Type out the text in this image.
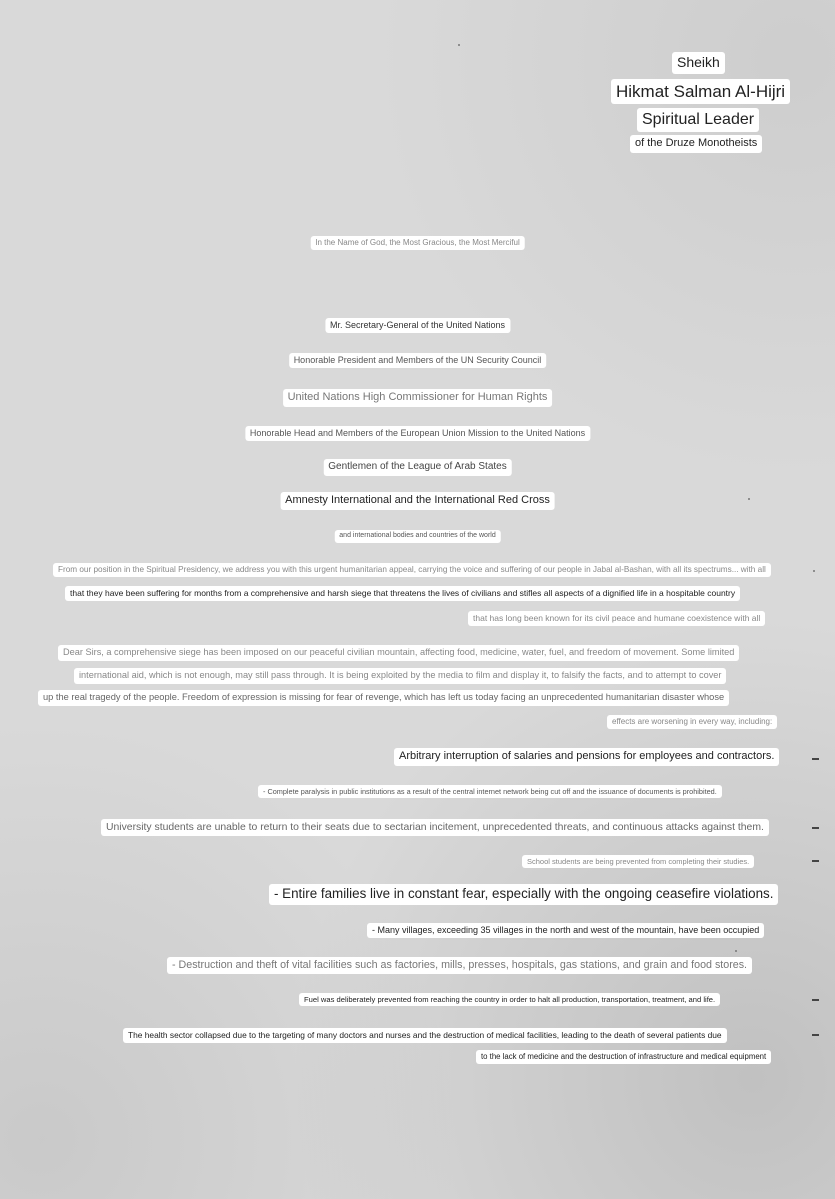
Sheikh
Hikmat Salman Al-Hijri
Spiritual Leader
of the Druze Monotheists
In the Name of God, the Most Gracious, the Most Merciful
Mr. Secretary-General of the United Nations
Honorable President and Members of the UN Security Council
United Nations High Commissioner for Human Rights
Honorable Head and Members of the European Union Mission to the United Nations
Gentlemen of the League of Arab States
Amnesty International and the International Red Cross
and international bodies and countries of the world
From our position in the Spiritual Presidency, we address you with this urgent humanitarian appeal, carrying the voice and suffering of our people in Jabal al-Bashan, with all its spectrums... with all
that they have been suffering for months from a comprehensive and harsh siege that threatens the lives of civilians and stifles all aspects of a dignified life in a hospitable country
that has long been known for its civil peace and humane coexistence with all
Dear Sirs, a comprehensive siege has been imposed on our peaceful civilian mountain, affecting food, medicine, water, fuel, and freedom of movement. Some limited
international aid, which is not enough, may still pass through. It is being exploited by the media to film and display it, to falsify the facts, and to attempt to cover
up the real tragedy of the people. Freedom of expression is missing for fear of revenge, which has left us today facing an unprecedented humanitarian disaster whose
effects are worsening in every way, including:
Arbitrary interruption of salaries and pensions for employees and contractors.
- Complete paralysis in public institutions as a result of the central internet network being cut off and the issuance of documents is prohibited.
University students are unable to return to their seats due to sectarian incitement, unprecedented threats, and continuous attacks against them.
School students are being prevented from completing their studies.
- Entire families live in constant fear, especially with the ongoing ceasefire violations.
- Many villages, exceeding 35 villages in the north and west of the mountain, have been occupied
- Destruction and theft of vital facilities such as factories, mills, presses, hospitals, gas stations, and grain and food stores.
Fuel was deliberately prevented from reaching the country in order to halt all production, transportation, treatment, and life.
The health sector collapsed due to the targeting of many doctors and nurses and the destruction of medical facilities, leading to the death of several patients due
to the lack of medicine and the destruction of infrastructure and medical equipment
